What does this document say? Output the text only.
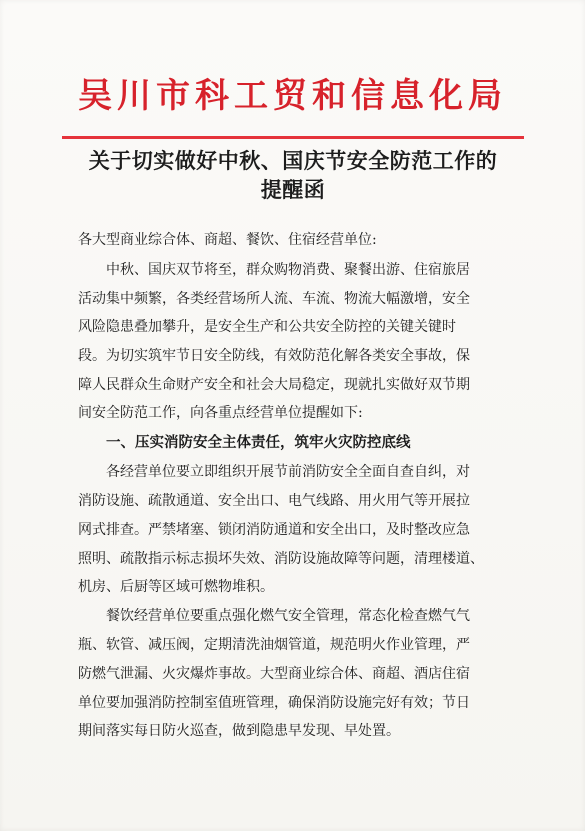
吴川市科工贸和信息化局
关于切实做好中秋、国庆节安全防范工作的
提醒函
各大型商业综合体、商超、餐饮、住宿经营单位:
中秋、国庆双节将至，群众购物消费、聚餐出游、住宿旅居
活动集中频繁，各类经营场所人流、车流、物流大幅激增，安全
风险隐患叠加攀升，是安全生产和公共安全防控的关键关键时
段。为切实筑牢节日安全防线，有效防范化解各类安全事故，保
障人民群众生命财产安全和社会大局稳定，现就扎实做好双节期
间安全防范工作，向各重点经营单位提醒如下:
一、压实消防安全主体责任，筑牢火灾防控底线
各经营单位要立即组织开展节前消防安全全面自查自纠，对
消防设施、疏散通道、安全出口、电气线路、用火用气等开展拉
网式排查。严禁堵塞、锁闭消防通道和安全出口，及时整改应急
照明、疏散指示标志损坏失效、消防设施故障等问题，清理楼道、
机房、后厨等区域可燃物堆积。
餐饮经营单位要重点强化燃气安全管理，常态化检查燃气气
瓶、软管、减压阀，定期清洗油烟管道，规范明火作业管理，严
防燃气泄漏、火灾爆炸事故。大型商业综合体、商超、酒店住宿
单位要加强消防控制室值班管理，确保消防设施完好有效；节日
期间落实每日防火巡查，做到隐患早发现、早处置。
